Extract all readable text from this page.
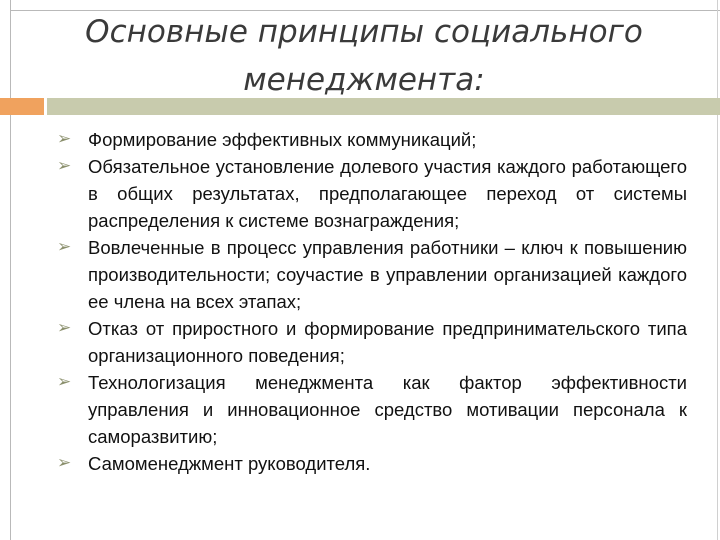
Основные принципы социального
менеджмента:
➢ Формирование эффективных коммуникаций;
➢ Обязательное установление долевого участия каждого работающего в общих результатах, предполагающее переход от системы распределения к системе вознаграждения;
➢ Вовлеченные в процесс управления работники – ключ к повышению производительности; соучастие в управлении организацией каждого ее члена на всех этапах;
➢ Отказ от приростного и формирование предпринимательского типа организационного поведения;
➢ Технологизация менеджмента как фактор эффективности управления и инновационное средство мотивации персонала к саморазвитию;
➢ Самоменеджмент руководителя.
